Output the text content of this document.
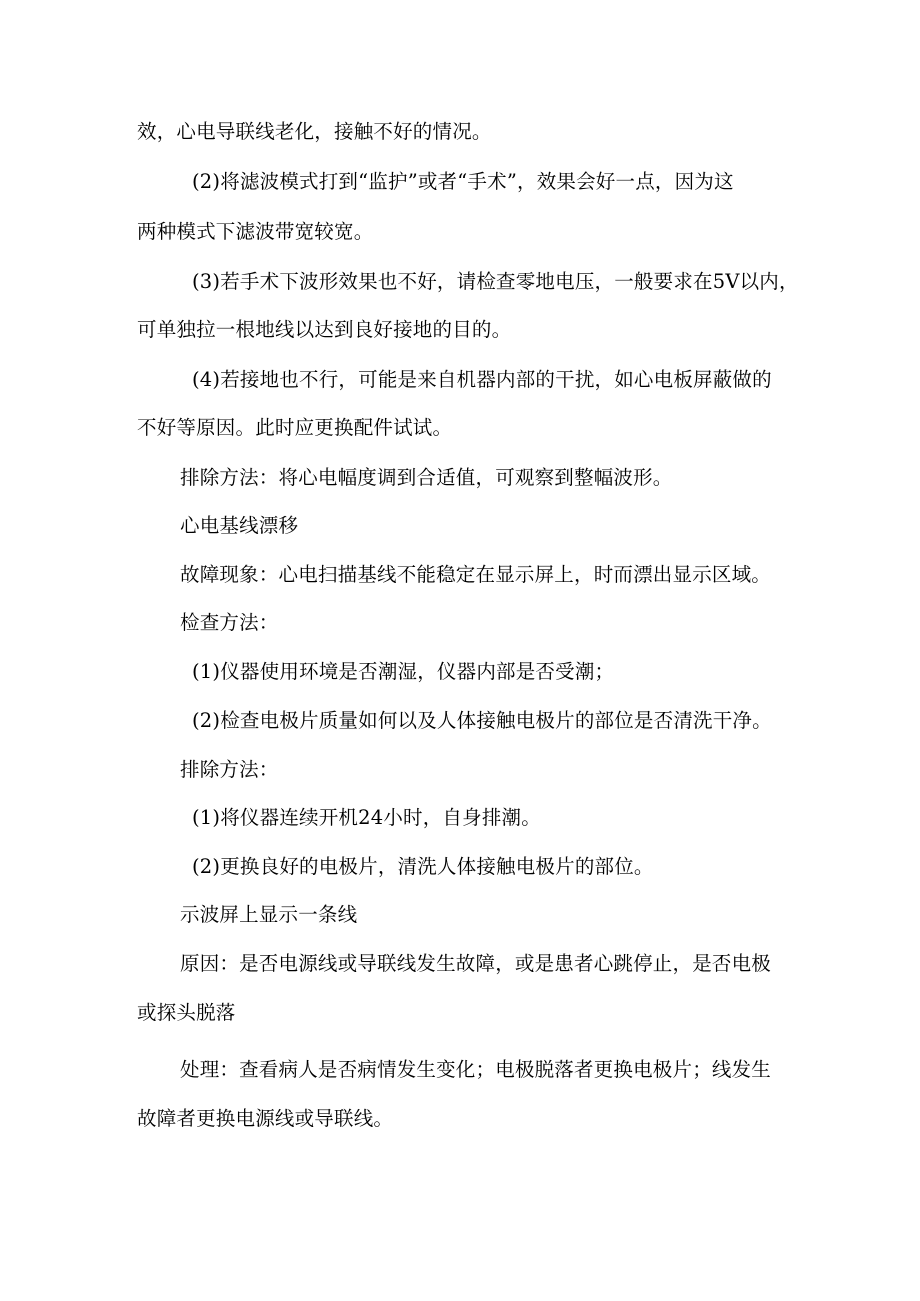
效，心电导联线老化，接触不好的情况。
(2)将滤波模式打到“监护”或者“手术”，效果会好一点，因为这
两种模式下滤波带宽较宽。
(3)若手术下波形效果也不好，请检查零地电压，一般要求在5V以内，
可单独拉一根地线以达到良好接地的目的。
(4)若接地也不行，可能是来自机器内部的干扰，如心电板屏蔽做的
不好等原因。此时应更换配件试试。
排除方法：将心电幅度调到合适值，可观察到整幅波形。
心电基线漂移
故障现象：心电扫描基线不能稳定在显示屏上，时而漂出显示区域。
检查方法：
(1)仪器使用环境是否潮湿，仪器内部是否受潮；
(2)检查电极片质量如何以及人体接触电极片的部位是否清洗干净。
排除方法：
(1)将仪器连续开机24小时，自身排潮。
(2)更换良好的电极片，清洗人体接触电极片的部位。
示波屏上显示一条线
原因：是否电源线或导联线发生故障，或是患者心跳停止，是否电极
或探头脱落
处理：查看病人是否病情发生变化；电极脱落者更换电极片；线发生
故障者更换电源线或导联线。
